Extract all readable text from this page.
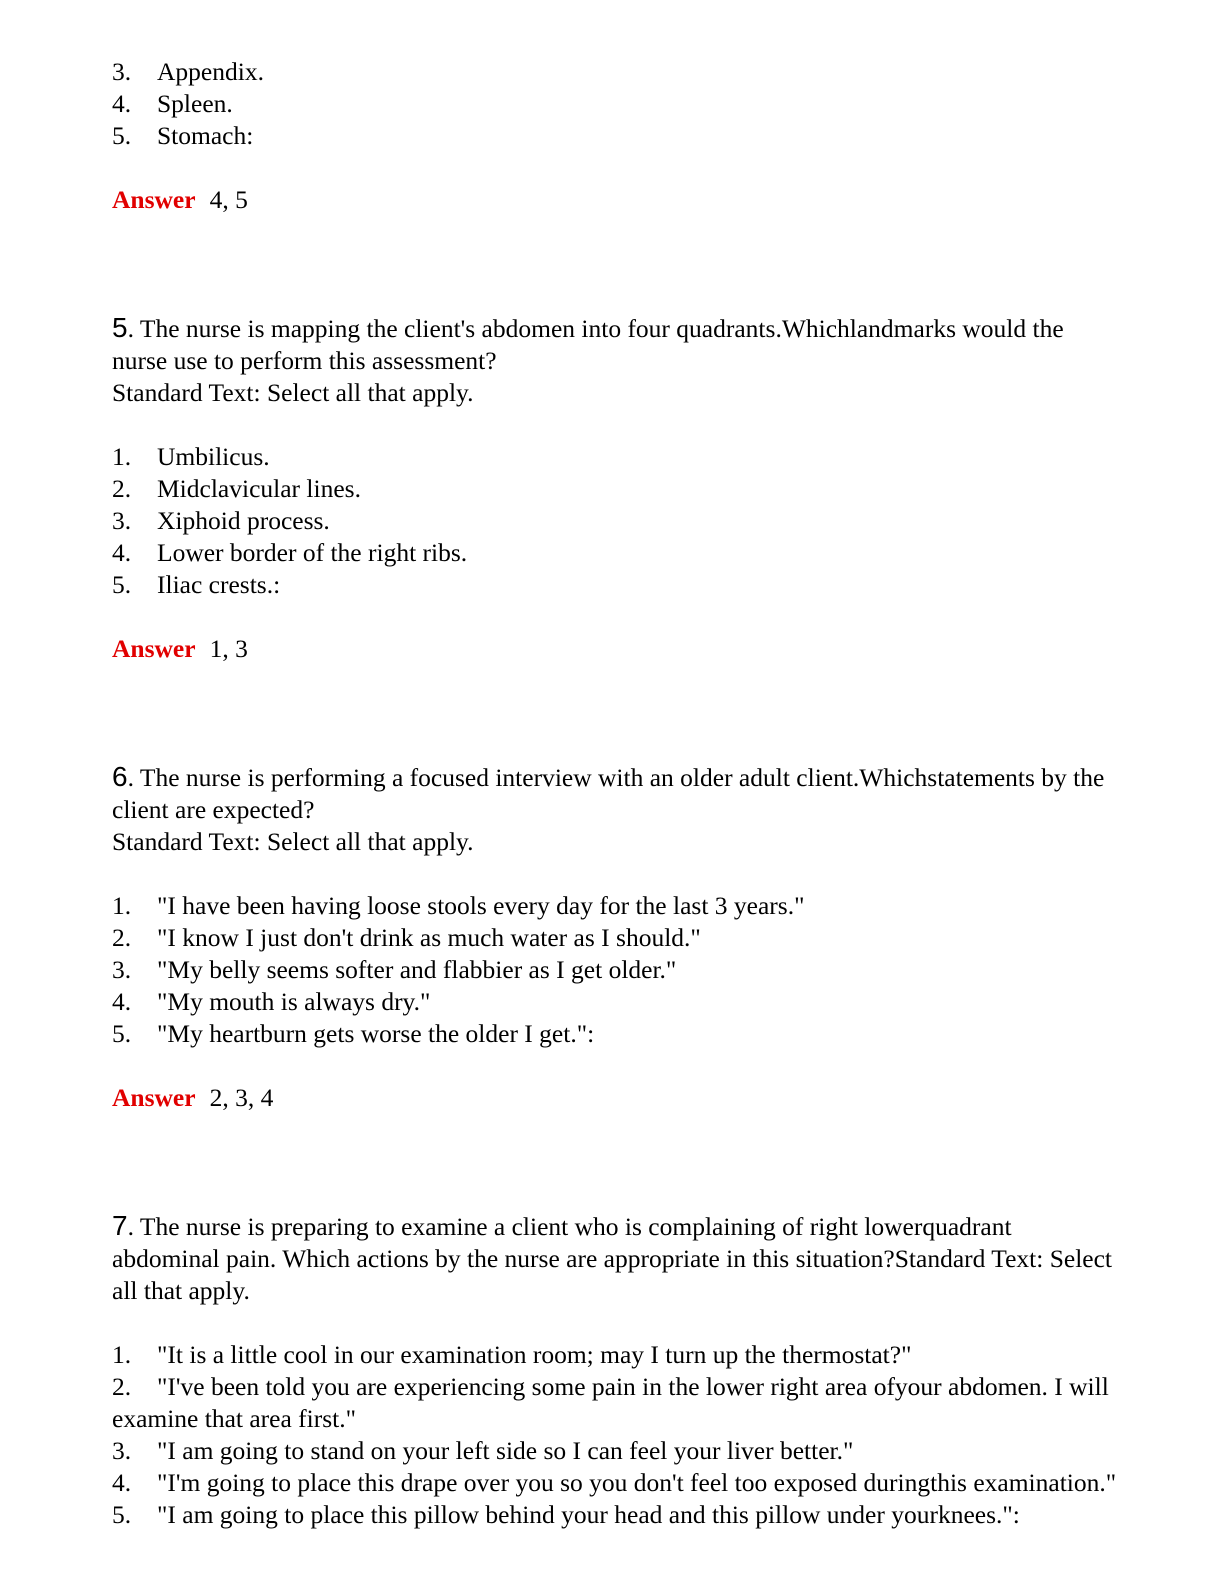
3.	Appendix.
4.	Spleen.
5.	Stomach:
Answer 4, 5
5. The nurse is mapping the client's abdomen into four quadrants.Whichlandmarks would the nurse use to perform this assessment?
Standard Text: Select all that apply.
1.	Umbilicus.
2.	Midclavicular lines.
3.	Xiphoid process.
4.	Lower border of the right ribs.
5.	Iliac crests.:
Answer 1, 3
6. The nurse is performing a focused interview with an older adult client.Whichstatements by the client are expected?
Standard Text: Select all that apply.
1.	"I have been having loose stools every day for the last 3 years."
2.	"I know I just don't drink as much water as I should."
3.	"My belly seems softer and flabbier as I get older."
4.	"My mouth is always dry."
5.	"My heartburn gets worse the older I get.":
Answer 2, 3, 4
7. The nurse is preparing to examine a client who is complaining of right lowerquadrant abdominal pain. Which actions by the nurse are appropriate in this situation?Standard Text: Select all that apply.
1. "It is a little cool in our examination room; may I turn up the thermostat?"
2. "I've been told you are experiencing some pain in the lower right area ofyour abdomen. I will examine that area first."
3. "I am going to stand on your left side so I can feel your liver better."
4. "I'm going to place this drape over you so you don't feel too exposed duringthis examination."
5. "I am going to place this pillow behind your head and this pillow under yourknees.":
